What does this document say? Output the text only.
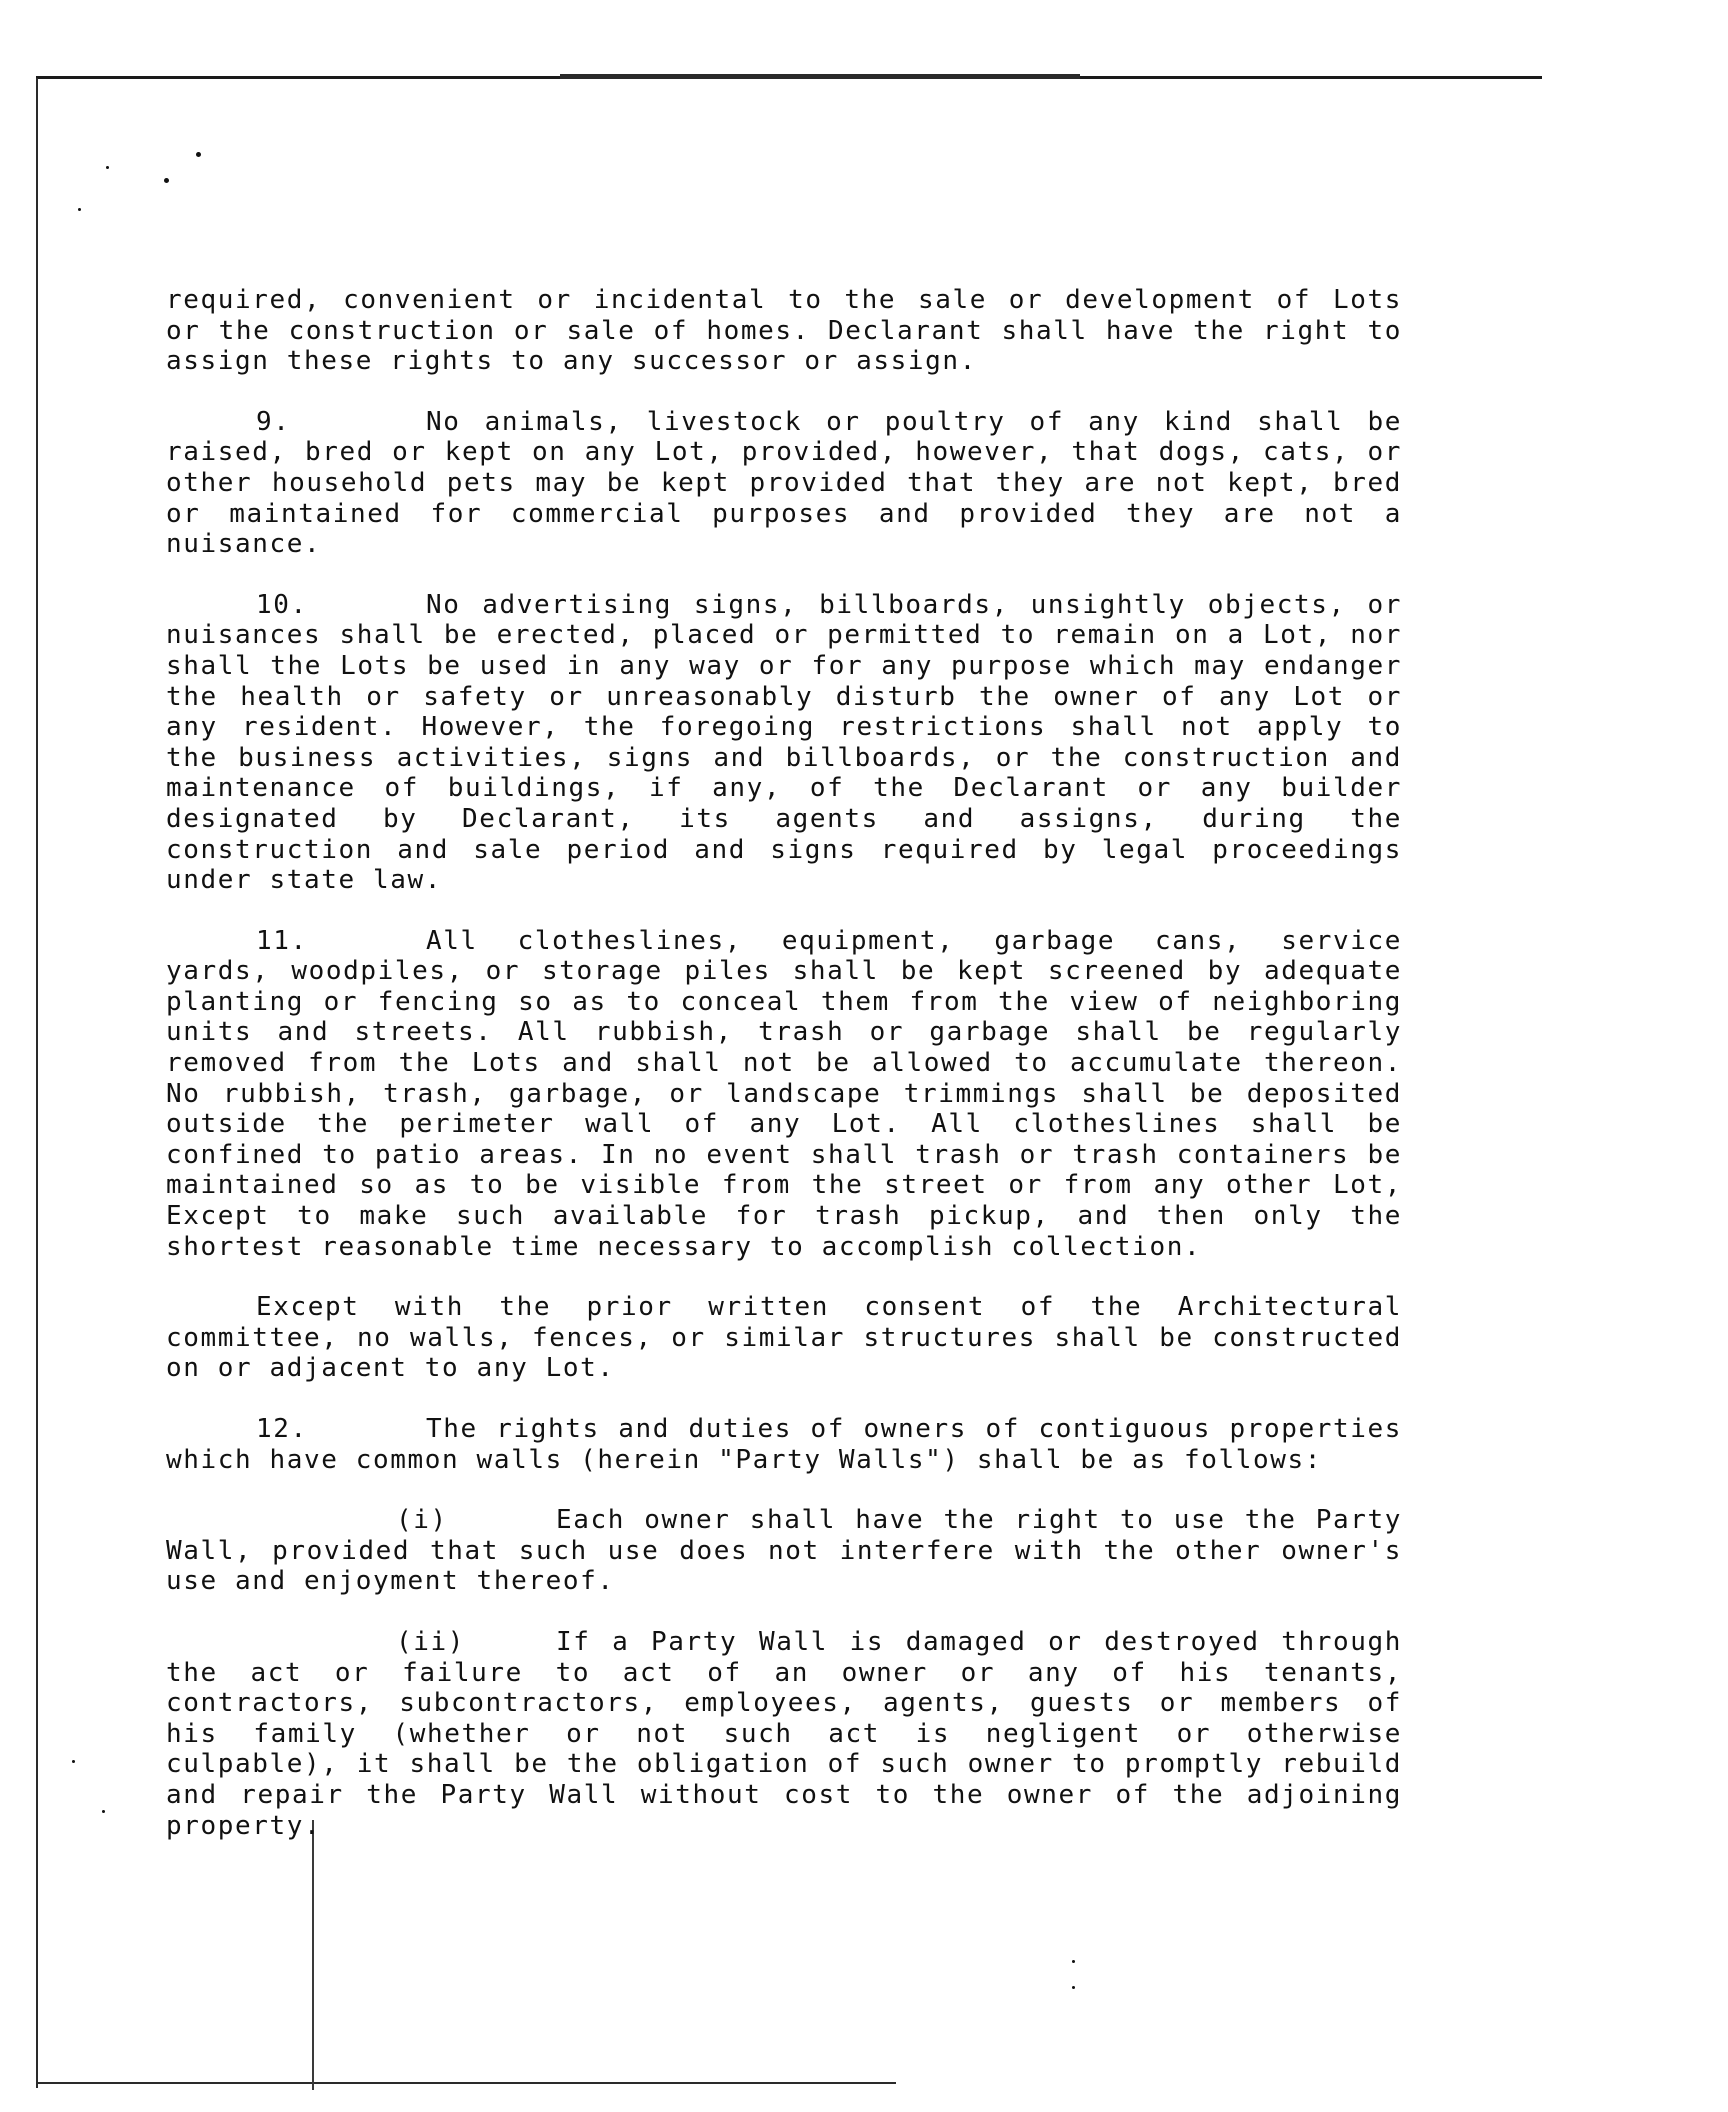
required, convenient or incidental to the sale or development of Lots or the construction or sale of homes. Declarant shall have the right to assign these rights to any successor or assign.

9.	No animals, livestock or poultry of any kind shall be raised, bred or kept on any Lot, provided, however, that dogs, cats, or other household pets may be kept provided that they are not kept, bred or maintained for commercial purposes and provided they are not a nuisance.

10.	No advertising signs, billboards, unsightly objects, or nuisances shall be erected, placed or permitted to remain on a Lot, nor shall the Lots be used in any way or for any purpose which may endanger the health or safety or unreasonably disturb the owner of any Lot or any resident. However, the foregoing restrictions shall not apply to the business activities, signs and billboards, or the construction and maintenance of buildings, if any, of the Declarant or any builder designated by Declarant, its agents and assigns, during the construction and sale period and signs required by legal proceedings under state law.

11.	All clotheslines, equipment, garbage cans, service yards, woodpiles, or storage piles shall be kept screened by adequate planting or fencing so as to conceal them from the view of neighboring units and streets. All rubbish, trash or garbage shall be regularly removed from the Lots and shall not be allowed to accumulate thereon. No rubbish, trash, garbage, or landscape trimmings shall be deposited outside the perimeter wall of any Lot. All clotheslines shall be confined to patio areas. In no event shall trash or trash containers be maintained so as to be visible from the street or from any other Lot, Except to make such available for trash pickup, and then only the shortest reasonable time necessary to accomplish collection.

Except with the prior written consent of the Architectural committee, no walls, fences, or similar structures shall be constructed on or adjacent to any Lot.

12.	The rights and duties of owners of contiguous properties which have common walls (herein "Party Walls") shall be as follows:

(i)	Each owner shall have the right to use the Party Wall, provided that such use does not interfere with the other owner's use and enjoyment thereof.

(ii)	If a Party Wall is damaged or destroyed through the act or failure to act of an owner or any of his tenants, contractors, subcontractors, employees, agents, guests or members of his family (whether or not such act is negligent or otherwise culpable), it shall be the obligation of such owner to promptly rebuild and repair the Party Wall without cost to the owner of the adjoining property.
